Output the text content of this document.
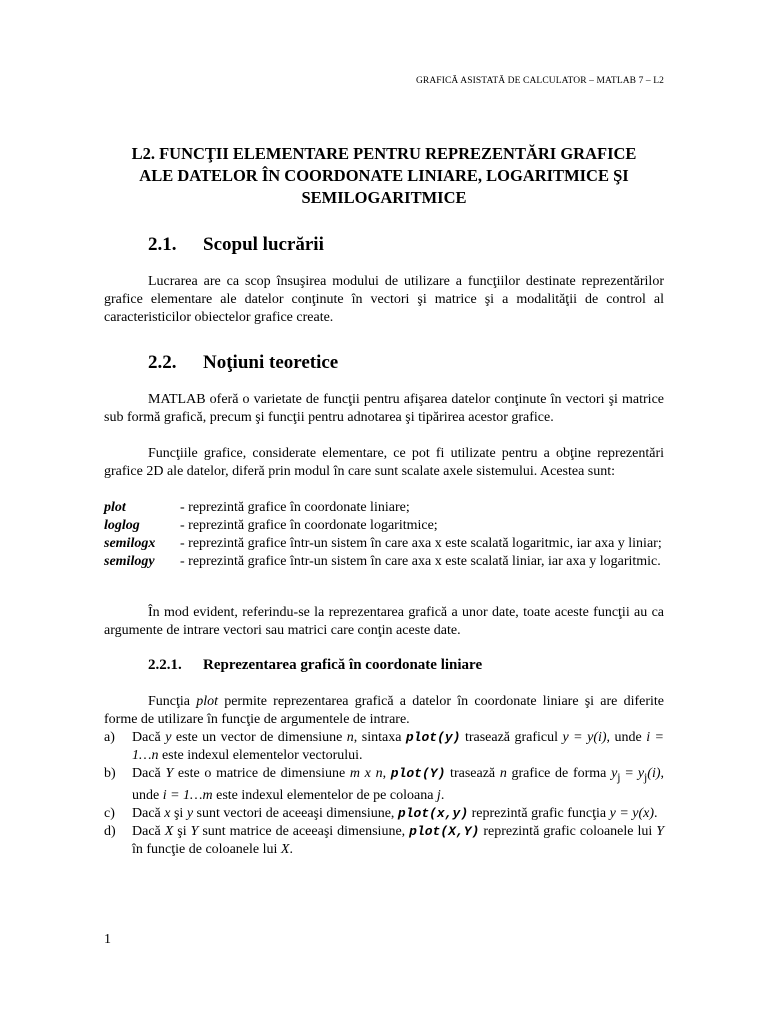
GRAFICĂ ASISTATĂ DE CALCULATOR – MATLAB 7 – L2
L2. FUNCŢII ELEMENTARE PENTRU REPREZENTĂRI GRAFICE
ALE DATELOR ÎN COORDONATE LINIARE, LOGARITMICE ŞI
SEMILOGARITMICE
2.1. Scopul lucrării

Lucrarea are ca scop însuşirea modului de utilizare a funcţiilor destinate reprezentărilor grafice elementare ale datelor conţinute în vectori şi matrice şi a modalităţii de control al caracteristicilor obiectelor grafice create.

2.2. Noţiuni teoretice

MATLAB oferă o varietate de funcţii pentru afişarea datelor conţinute în vectori şi matrice sub formă grafică, precum şi funcţii pentru adnotarea şi tipărirea acestor grafice.

Funcţiile grafice, considerate elementare, ce pot fi utilizate pentru a obţine reprezentări grafice 2D ale datelor, diferă prin modul în care sunt scalate axele sistemului. Acestea sunt:

plot	- reprezintă grafice în coordonate liniare;
loglog	- reprezintă grafice în coordonate logaritmice;
semilogx	- reprezintă grafice într-un sistem în care axa x este scalată logaritmic, iar axa y liniar;
semilogy	- reprezintă grafice într-un sistem în care axa x este scalată liniar, iar axa y logaritmic.

În mod evident, referindu-se la reprezentarea grafică a unor date, toate aceste funcţii au ca argumente de intrare vectori sau matrici care conţin aceste date.

2.2.1. Reprezentarea grafică în coordonate liniare

Funcţia plot permite reprezentarea grafică a datelor în coordonate liniare şi are diferite forme de utilizare în funcţie de argumentele de intrare.

a)	Dacă y este un vector de dimensiune n, sintaxa plot(y) trasează graficul y = y(i), unde i = 1…n este indexul elementelor vectorului.
b)	Dacă Y este o matrice de dimensiune m x n, plot(Y) trasează n grafice de forma $y_j = y_j(i)$, unde i = 1…m este indexul elementelor de pe coloana j.
c)	Dacă x şi y sunt vectori de aceeaşi dimensiune, plot(x,y) reprezintă grafic funcţia y = y(x).
d)	Dacă X şi Y sunt matrice de aceeaşi dimensiune, plot(X,Y) reprezintă grafic coloanele lui Y în funcţie de coloanele lui X.
1
